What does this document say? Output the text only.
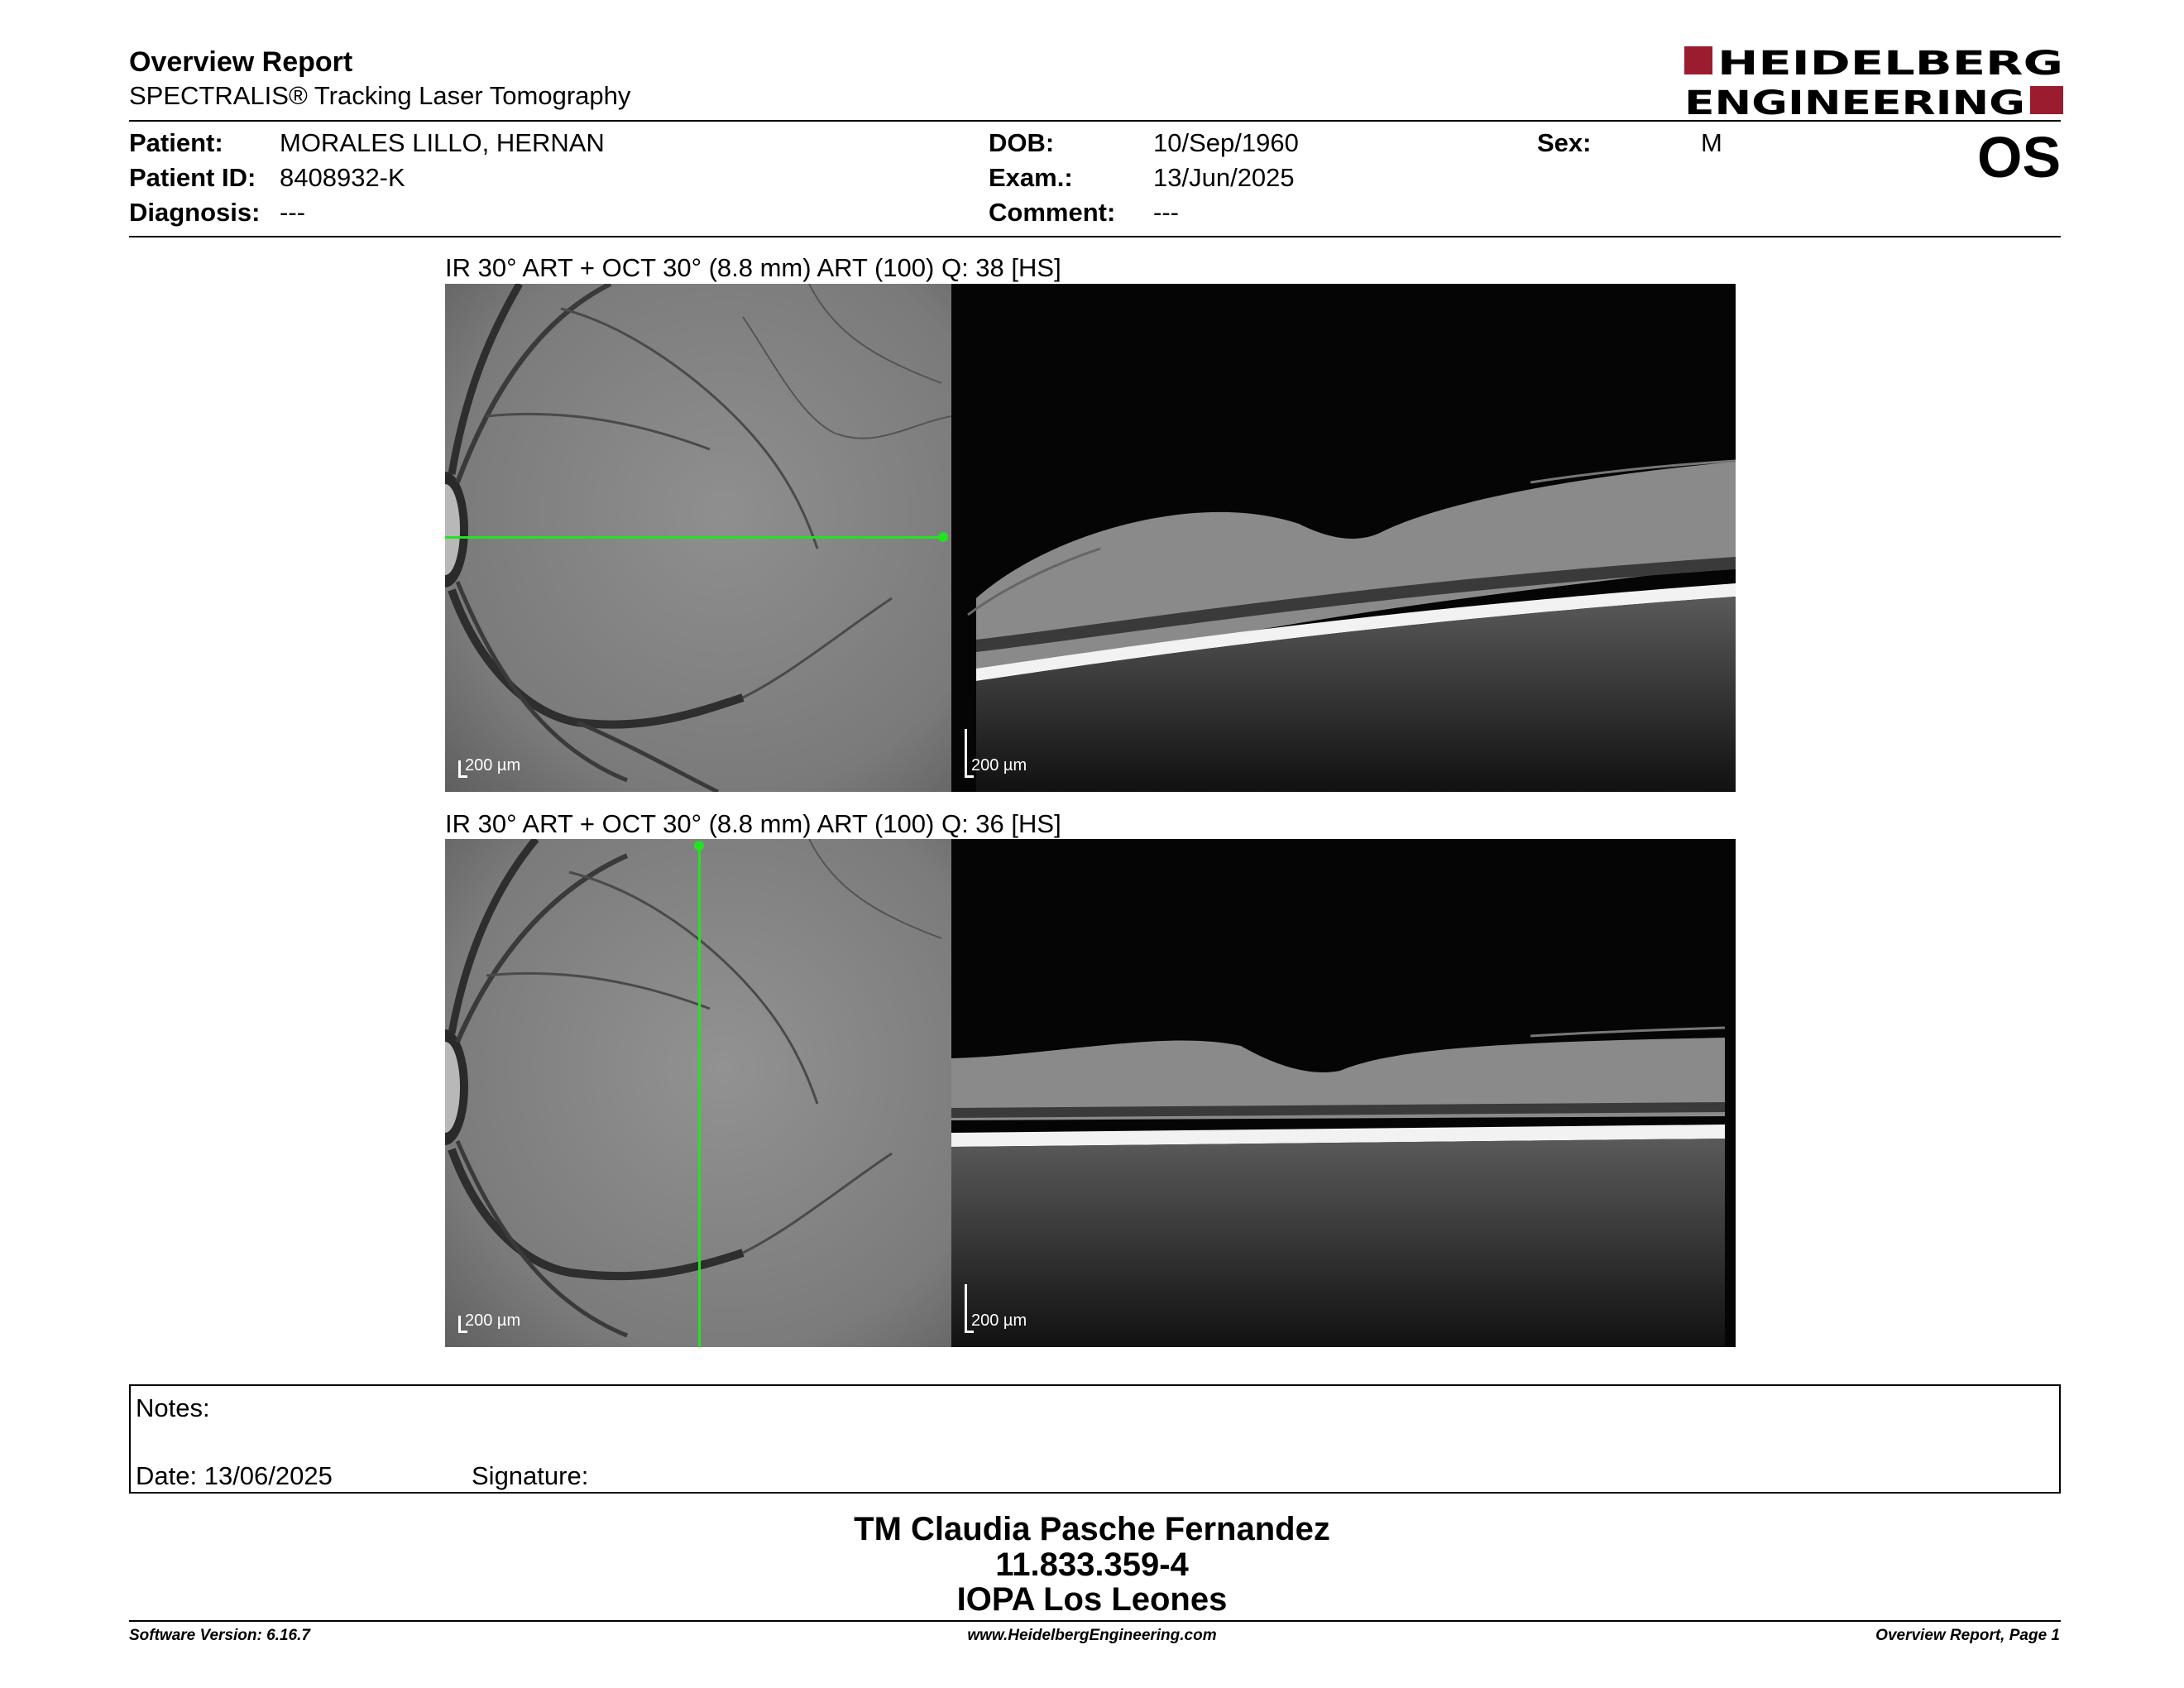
Overview Report
SPECTRALIS® Tracking Laser Tomography
HEIDELBERG
ENGINEERING
Patient: MORALES LILLO, HERNAN
Patient ID: 8408932-K
Diagnosis: ---
DOB:	10/Sep/1960
Exam.:	13/Jun/2025
Comment: ---
Sex:	M	OS
IR 30° ART + OCT 30° (8.8 mm) ART (100) Q: 38 [HS]
200 µm	200 µm
IR 30° ART + OCT 30° (8.8 mm) ART (100) Q: 36 [HS]
200 µm	200 µm
Notes:
Date: 13/06/2025	Signature:
TM Claudia Pasche Fernandez
11.833.359-4
IOPA Los Leones
Software Version: 6.16.7	www.HeidelbergEngineering.com	Overview Report, Page 1
